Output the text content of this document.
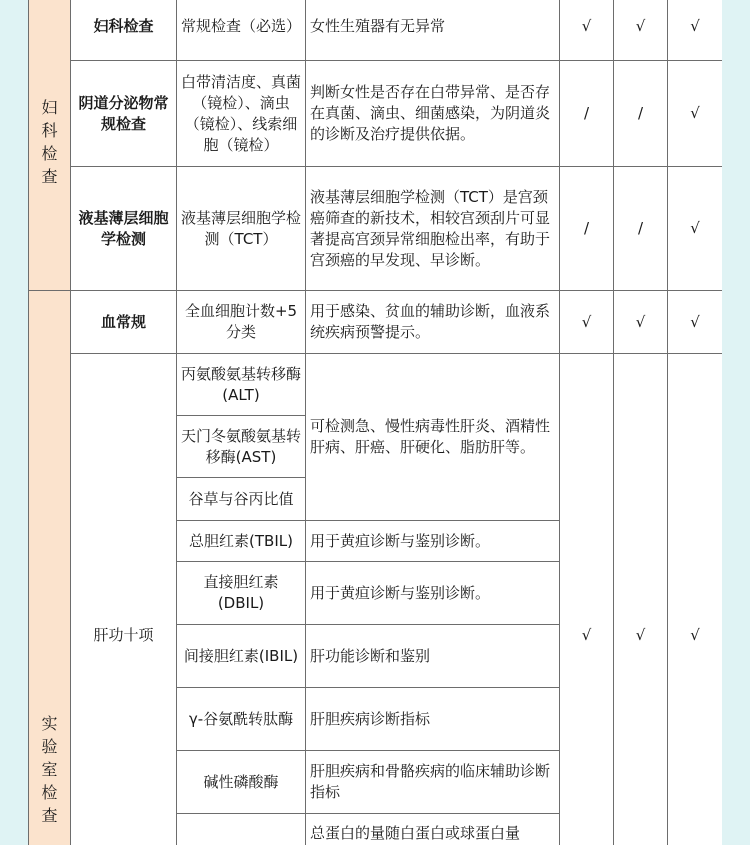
妇科检查	妇科检查	常规检查（必选）	女性生殖器有无异常	√	√	√
	阴道分泌物常规检查	白带清洁度、真菌（镜检）、滴虫（镜检）、线索细胞（镜检）	判断女性是否存在白带异常、是否存在真菌、滴虫、细菌感染，为阴道炎的诊断及治疗提供依据。	/	/	√
	液基薄层细胞学检测	液基薄层细胞学检测（TCT）	液基薄层细胞学检测（TCT）是宫颈癌筛查的新技术，相较宫颈刮片可显著提高宫颈异常细胞检出率，有助于宫颈癌的早发现、早诊断。	/	/	√
实验室检查	血常规	全血细胞计数+5分类	用于感染、贫血的辅助诊断，血液系统疾病预警提示。	√	√	√
	肝功十项	丙氨酸氨基转移酶(ALT)	可检测急、慢性病毒性肝炎、酒精性肝病、肝癌、肝硬化、脂肪肝等。	√	√	√
		天门冬氨酸氨基转移酶(AST)				
		谷草与谷丙比值				
		总胆红素(TBIL)	用于黄疸诊断与鉴别诊断。			
		直接胆红素(DBIL)	用于黄疸诊断与鉴别诊断。			
		间接胆红素(IBIL)	肝功能诊断和鉴别			
		γ-谷氨酰转肽酶	肝胆疾病诊断指标			
		碱性磷酸酶	肝胆疾病和骨骼疾病的临床辅助诊断指标			
			总蛋白的量随白蛋白或球蛋白量			
